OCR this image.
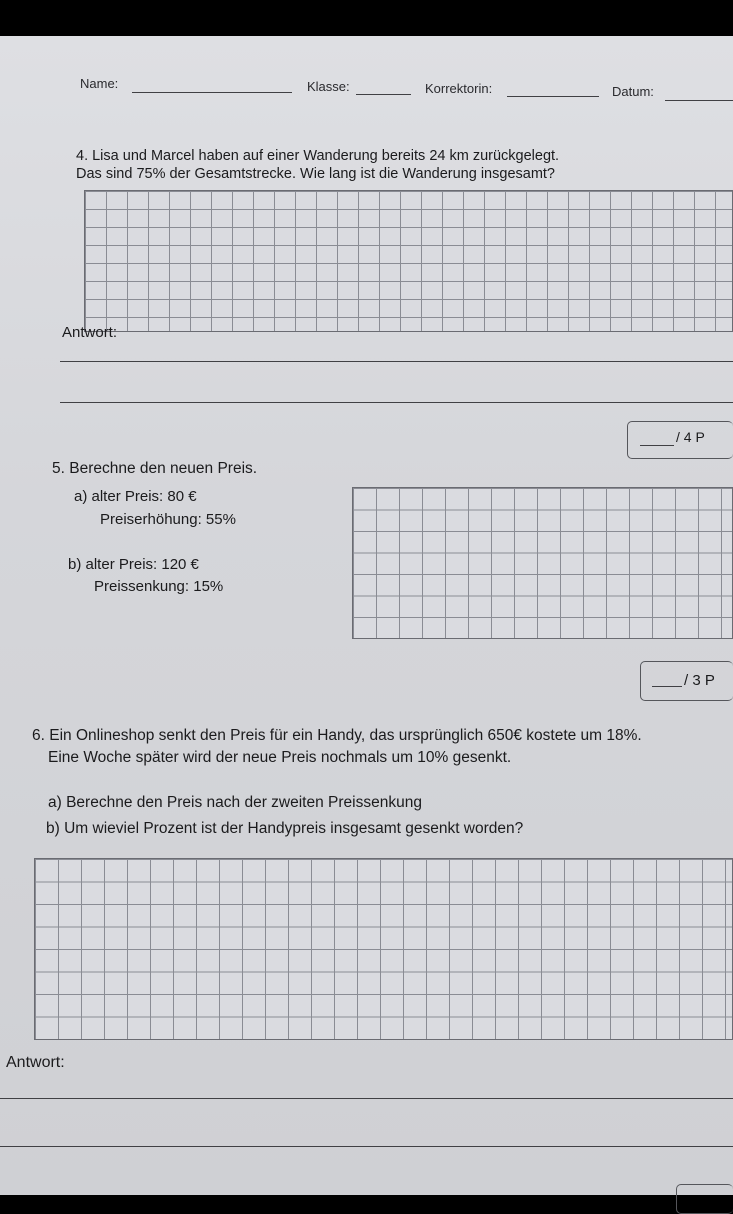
Name:	Klasse:	Korrektorin:	Datum:
4. Lisa und Marcel haben auf einer Wanderung bereits 24 km zurückgelegt.
Das sind 75% der Gesamtstrecke. Wie lang ist die Wanderung insgesamt?
Antwort:
/ 4 P
5. Berechne den neuen Preis.
a) alter Preis: 80 €
Preiserhöhung: 55%
b) alter Preis: 120 €
Preissenkung: 15%
/ 3 P
6. Ein Onlineshop senkt den Preis für ein Handy, das ursprünglich 650€ kostete um 18%.
Eine Woche später wird der neue Preis nochmals um 10% gesenkt.
a) Berechne den Preis nach der zweiten Preissenkung
b) Um wieviel Prozent ist der Handypreis insgesamt gesenkt worden?
Antwort:
